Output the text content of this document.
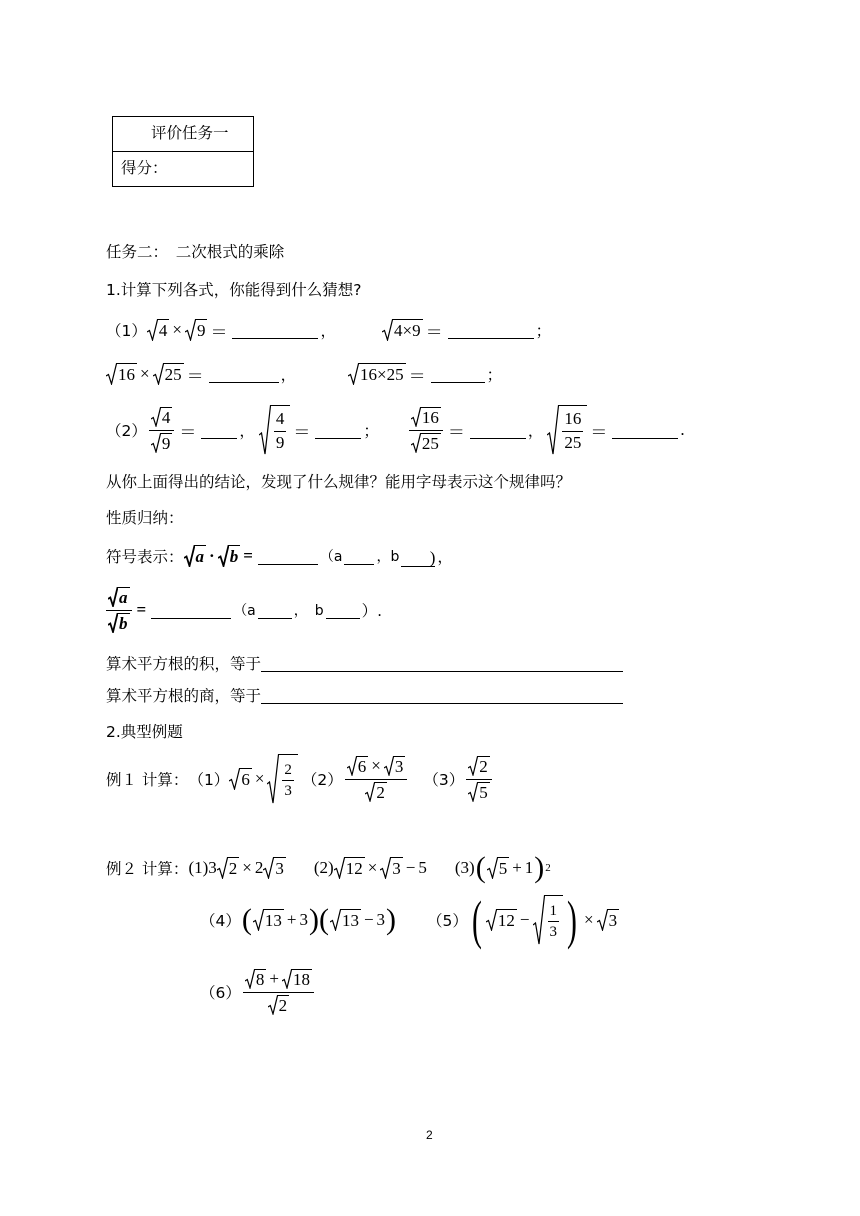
评价任务一
得分：
任务二：　二次根式的乘除
1.计算下列各式，你能得到什么猜想?
（1） 4 × 9 ＝	，	4×9 ＝	；
16 × 25 ＝	，	16×25 ＝	；
$(2) \frac{4}{9}$ ＝	， $\frac{4}{9}$ ＝	； $\frac{16}{25}$ ＝	， $\frac{16}{25}$ ＝	.
从你上面得出的结论，发现了什么规律？能用字母表示这个规律吗？
性质归纳：
符号表示： a · b =	（a ，b	) ，
$\frac{a}{b}$ =	（a	，　b ）.
算术平方根的积，等于
算术平方根的商，等于
2.典型例题
例１ 计算： （1） $6 \times \frac{2}{3} (2) \frac{6 \times 3}{2} (3) \frac{2}{5}$
例２ 计算： (1) 3 2 × 2 3 (2) 12 × 3 − 5 (3) ( 5 + 1 ) 2
（4） ( 13 + 3 )( 13 − 3 ) （5） ( $12 - \frac{1}{3}$ ) × 3
$(6) \frac{8 + 18}{2}$
2
